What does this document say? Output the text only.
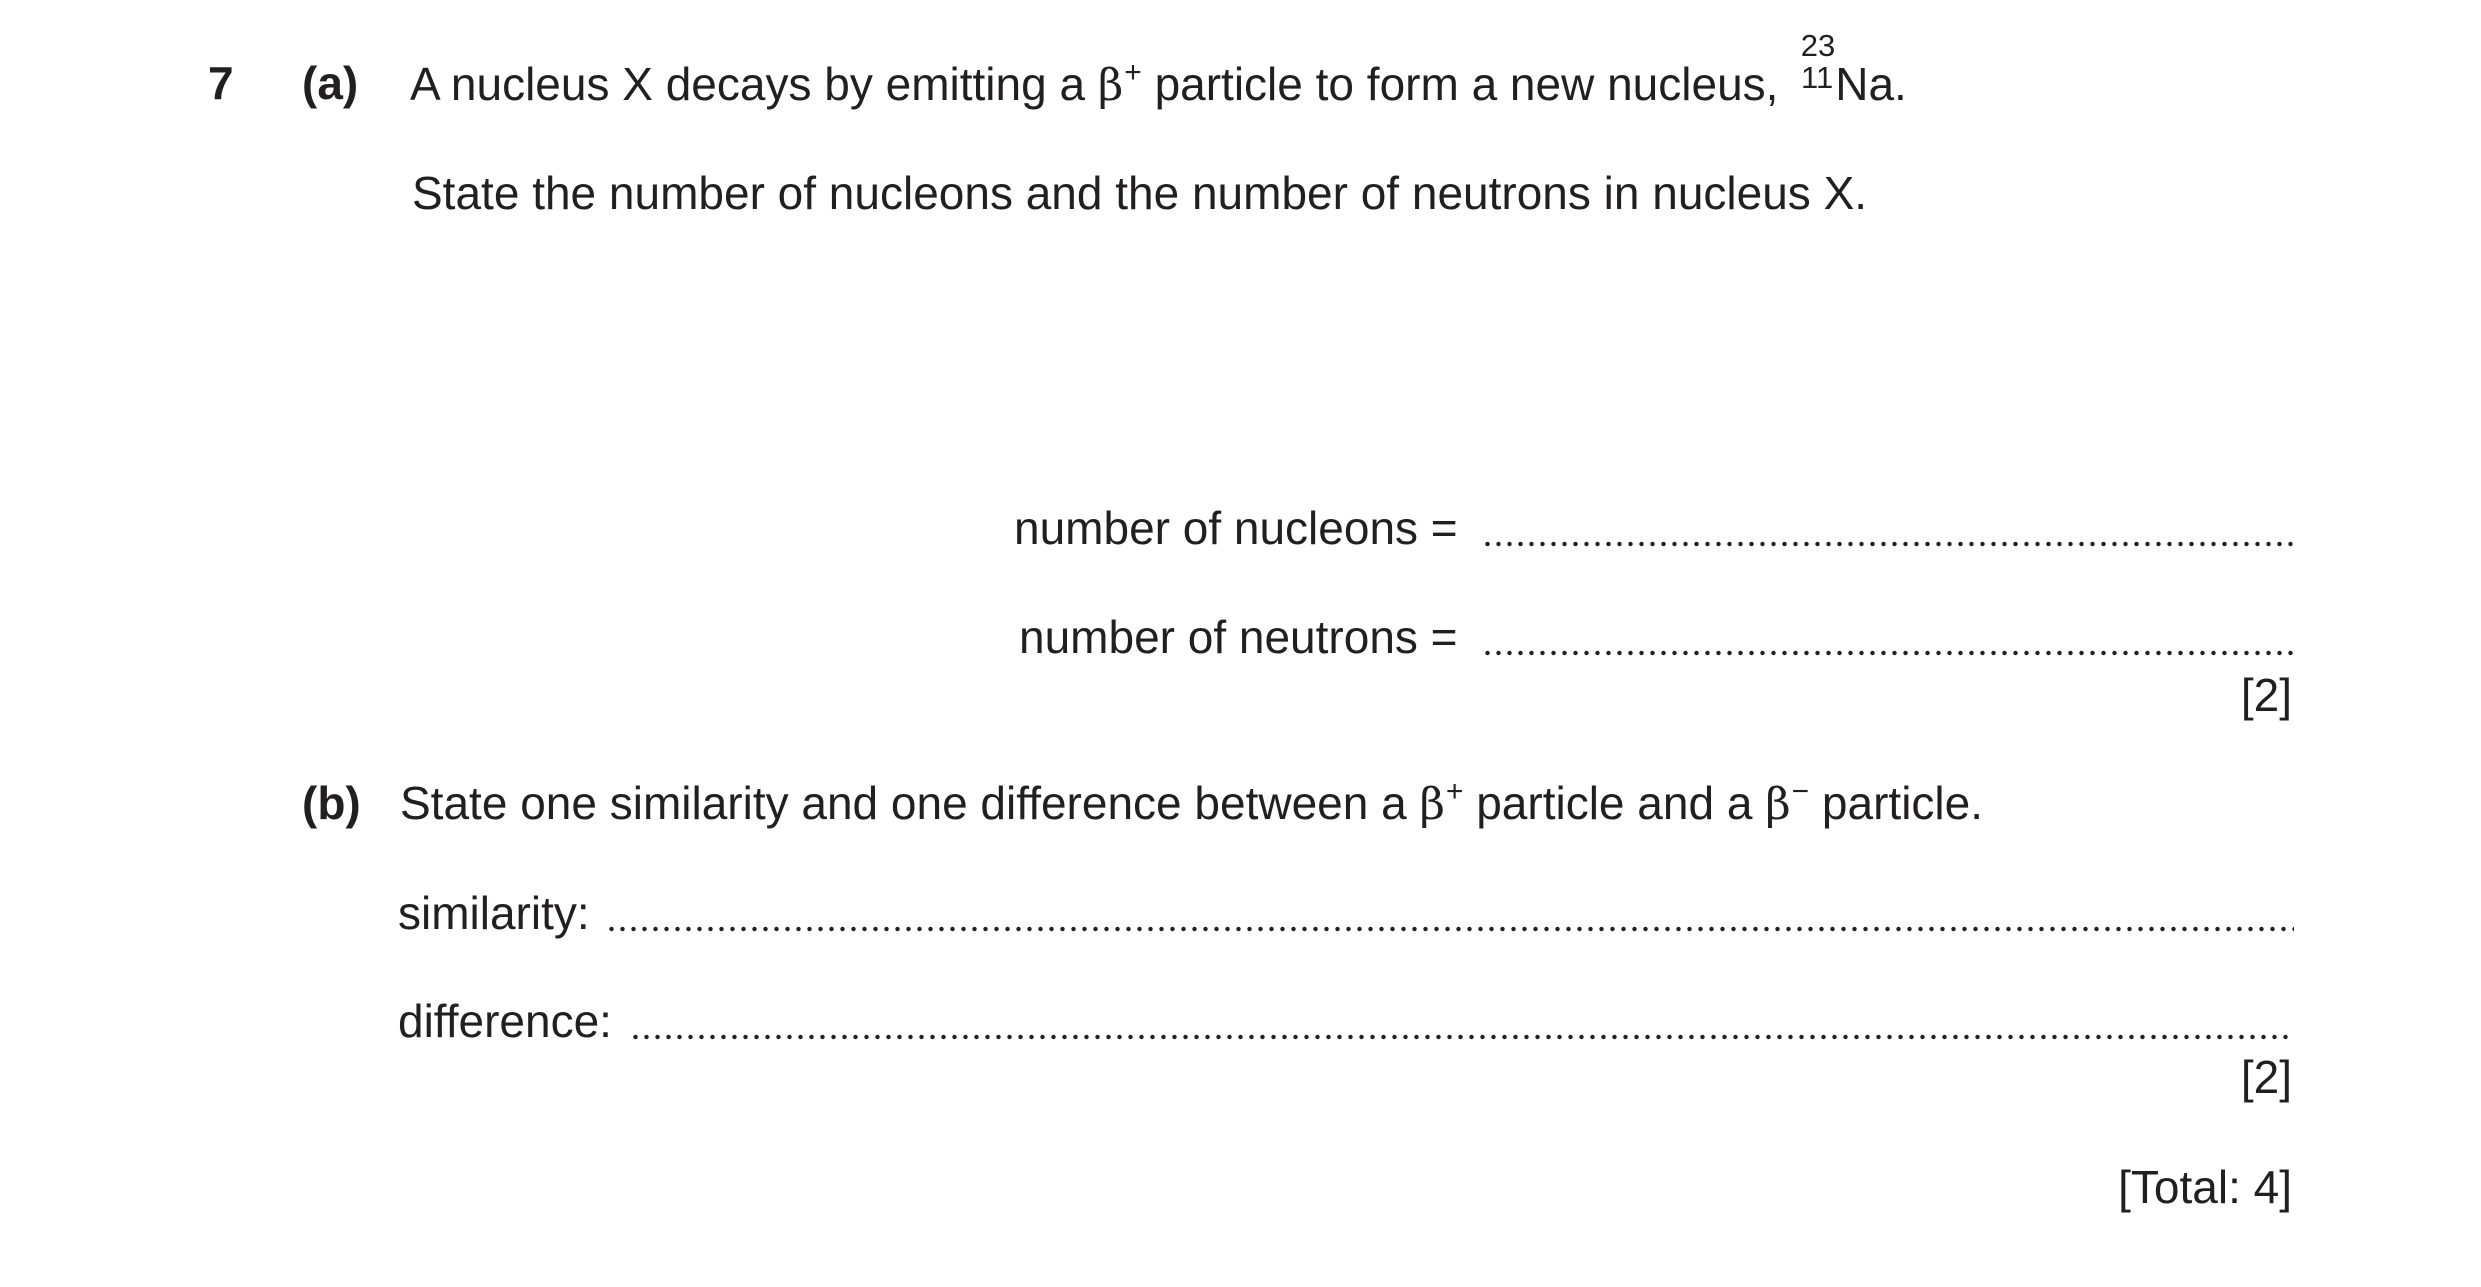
7 (a) A nucleus X decays by emitting a β+ particle to form a new nucleus,
23
11 Na.
State the number of nucleons and the number of neutrons in nucleus X.
number of nucleons =
number of neutrons =
[2]
(b) State one similarity and one difference between a β+ particle and a β− particle.
similarity:
difference:
[2]
[Total: 4]
